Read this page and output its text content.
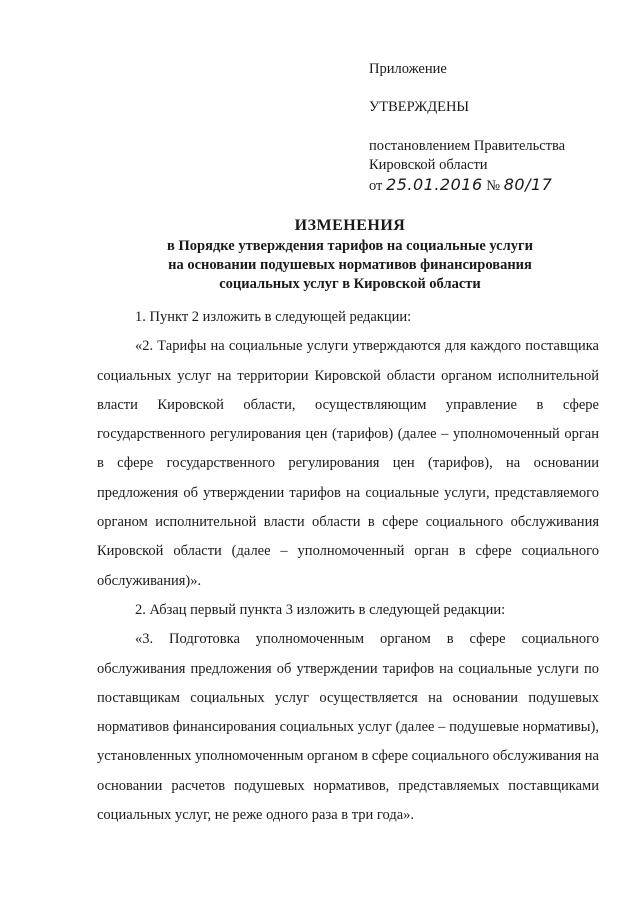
Приложение
УТВЕРЖДЕНЫ
постановлением Правительства
Кировской области
от 25.01.2016 № 80/17
ИЗМЕНЕНИЯ
в Порядке утверждения тарифов на социальные услуги
на основании подушевых нормативов финансирования
социальных услуг в Кировской области

1. Пункт 2 изложить в следующей редакции:

«2. Тарифы на социальные услуги утверждаются для каждого поставщика социальных услуг на территории Кировской области органом исполнительной власти Кировской области, осуществляющим управление в сфере государственного регулирования цен (тарифов) (далее – уполномоченный орган в сфере государственного регулирования цен (тарифов), на основании предложения об утверждении тарифов на социальные услуги, представляемого органом исполнительной власти области в сфере социального обслуживания Кировской области (далее – уполномоченный орган в сфере социального обслуживания)».

2. Абзац первый пункта 3 изложить в следующей редакции:

«3. Подготовка уполномоченным органом в сфере социального обслуживания предложения об утверждении тарифов на социальные услуги по поставщикам социальных услуг осуществляется на основании подушевых нормативов финансирования социальных услуг (далее – подушевые нормативы), установленных уполномоченным органом в сфере социального обслуживания на основании расчетов подушевых нормативов, представляемых поставщиками социальных услуг, не реже одного раза в три года».
